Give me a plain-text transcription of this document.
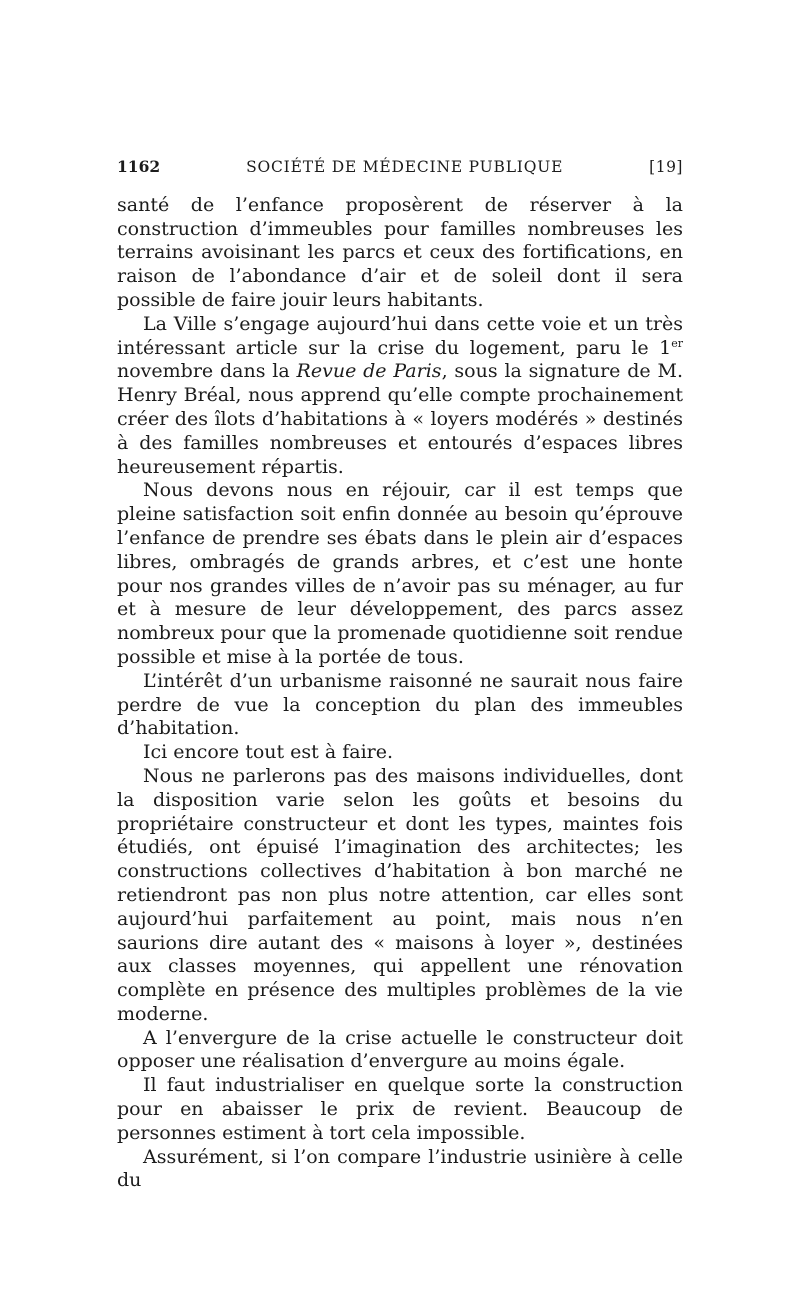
1162	SOCIÉTÉ DE MÉDECINE PUBLIQUE	[19]

santé de l’enfance proposèrent de réserver à la construction d’immeubles pour familles nombreuses les terrains avoisinant les parcs et ceux des fortifications, en raison de l’abondance d’air et de soleil dont il sera possible de faire jouir leurs habitants.

La Ville s’engage aujourd’hui dans cette voie et un très intéressant article sur la crise du logement, paru le 1er novembre dans la Revue de Paris, sous la signature de M. Henry Bréal, nous apprend qu’elle compte prochainement créer des îlots d’habitations à « loyers modérés » destinés à des familles nombreuses et entourés d’espaces libres heureusement répartis.

Nous devons nous en réjouir, car il est temps que pleine satisfaction soit enfin donnée au besoin qu’éprouve l’enfance de prendre ses ébats dans le plein air d’espaces libres, ombragés de grands arbres, et c’est une honte pour nos grandes villes de n’avoir pas su ménager, au fur et à mesure de leur développement, des parcs assez nombreux pour que la promenade quotidienne soit rendue possible et mise à la portée de tous.

L’intérêt d’un urbanisme raisonné ne saurait nous faire perdre de vue la conception du plan des immeubles d’habitation.

Ici encore tout est à faire.

Nous ne parlerons pas des maisons individuelles, dont la disposition varie selon les goûts et besoins du propriétaire constructeur et dont les types, maintes fois étudiés, ont épuisé l’imagination des architectes; les constructions collectives d’habitation à bon marché ne retiendront pas non plus notre attention, car elles sont aujourd’hui parfaitement au point, mais nous n’en saurions dire autant des « maisons à loyer », destinées aux classes moyennes, qui appellent une rénovation complète en présence des multiples problèmes de la vie moderne.

A l’envergure de la crise actuelle le constructeur doit opposer une réalisation d’envergure au moins égale.

Il faut industrialiser en quelque sorte la construction pour en abaisser le prix de revient. Beaucoup de personnes estiment à tort cela impossible.

Assurément, si l’on compare l’industrie usinière à celle du
